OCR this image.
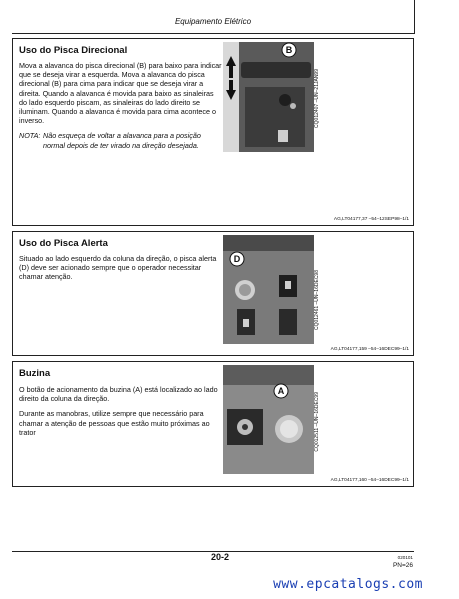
Equipamento Elétrico
Uso do Pisca Direcional

Mova a alavanca do pisca direcional (B) para baixo para indicar que se deseja virar a esquerda. Mova a alavanca do pisca direcional (B) para cima para indicar que se deseja virar a direita. Quando a alavanca é movida para baixo as sinaleiras do lado esquerdo piscam, as sinaleiras do lado direito se iluminam. Quando a alavanca é movida para cima acontece o inverso.

NOTA: Não esqueça de voltar a alavanca para a posição normal depois de ter virado na direção desejada.
B
CQ012407 –UN–21JAN99
AG,LT04177,37 –54–12SEP98–1/1
Uso do Pisca Alerta

Situado ao lado esquerdo da coluna da direção, o pisca alerta (D) deve ser acionado sempre que o operador necessitar chamar atenção.

D
CQ012461 –UN–16DEC98
AG,LT04177,159 –54–16DEC99–1/1
Buzina

O botão de acionamento da buzina (A) está localizado ao lado direito da coluna da direção.

Durante as manobras, utilize sempre que necessário para chamar a atenção de pessoas que estão muito próximas ao trator

A
CQ012511 –UN–16DEC99
AG,LT04177,160 –54–16DEC99–1/1
20-2	020101
PN=26
www.epcatalogs.com
